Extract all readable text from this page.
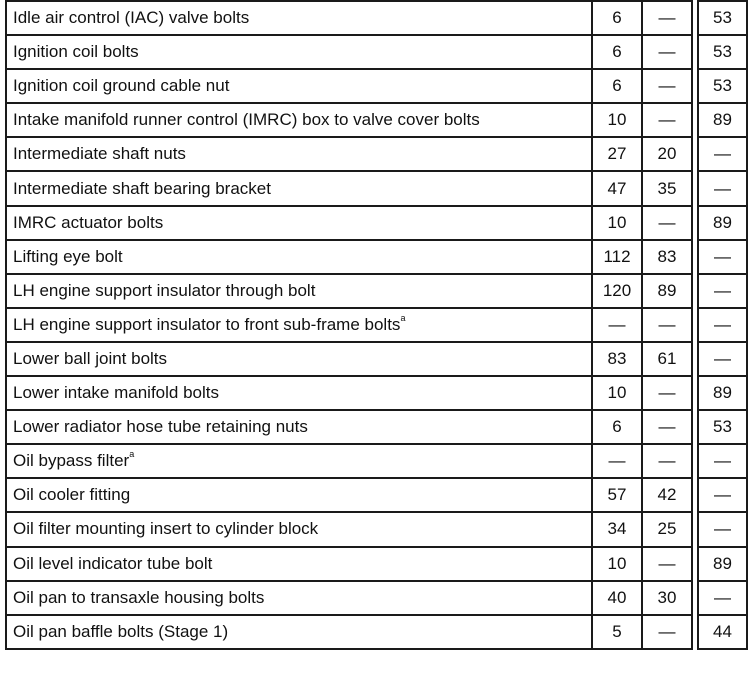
Idle air control (IAC) valve bolts	6	—		53
Ignition coil bolts	6	—		53
Ignition coil ground cable nut	6	—		53
Intake manifold runner control (IMRC) box to valve cover bolts	10	—		89
Intermediate shaft nuts	27	20		—
Intermediate shaft bearing bracket	47	35		—
IMRC actuator bolts	10	—		89
Lifting eye bolt	112	83		—
LH engine support insulator through bolt	120	89		—
LH engine support insulator to front sub-frame bolts$^a$	—	—		—
Lower ball joint bolts	83	61		—
Lower intake manifold bolts	10	—		89
Lower radiator hose tube retaining nuts	6	—		53
Oil bypass filter$^a$	—	—		—
Oil cooler fitting	57	42		—
Oil filter mounting insert to cylinder block	34	25		—
Oil level indicator tube bolt	10	—		89
Oil pan to transaxle housing bolts	40	30		—
Oil pan baffle bolts (Stage 1)	5	—		44
